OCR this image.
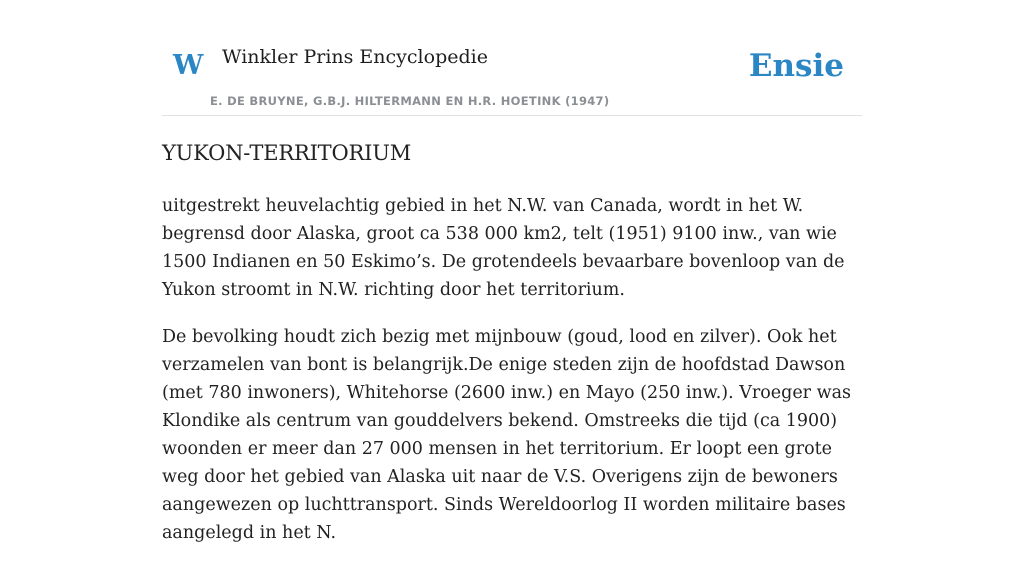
W Winkler Prins Encyclopedie
E. DE BRUYNE, G.B.J. HILTERMANN EN H.R. HOETINK (1947)
Ensie
YUKON-TERRITORIUM

uitgestrekt heuvelachtig gebied in het N.W. van Canada, wordt in het W. begrensd door Alaska, groot ca 538 000 km2, telt (1951) 9100 inw., van wie 1500 Indianen en 50 Eskimo’s. De grotendeels bevaarbare bovenloop van de Yukon stroomt in N.W. richting door het territorium.

De bevolking houdt zich bezig met mijnbouw (goud, lood en zilver). Ook het verzamelen van bont is belangrijk.De enige steden zijn de hoofdstad Dawson (met 780 inwoners), Whitehorse (2600 inw.) en Mayo (250 inw.). Vroeger was Klondike als centrum van gouddelvers bekend. Omstreeks die tijd (ca 1900) woonden er meer dan 27 000 mensen in het territorium. Er loopt een grote weg door het gebied van Alaska uit naar de V.S. Overigens zijn de bewoners aangewezen op luchttransport. Sinds Wereldoorlog II worden militaire bases aangelegd in het N.
